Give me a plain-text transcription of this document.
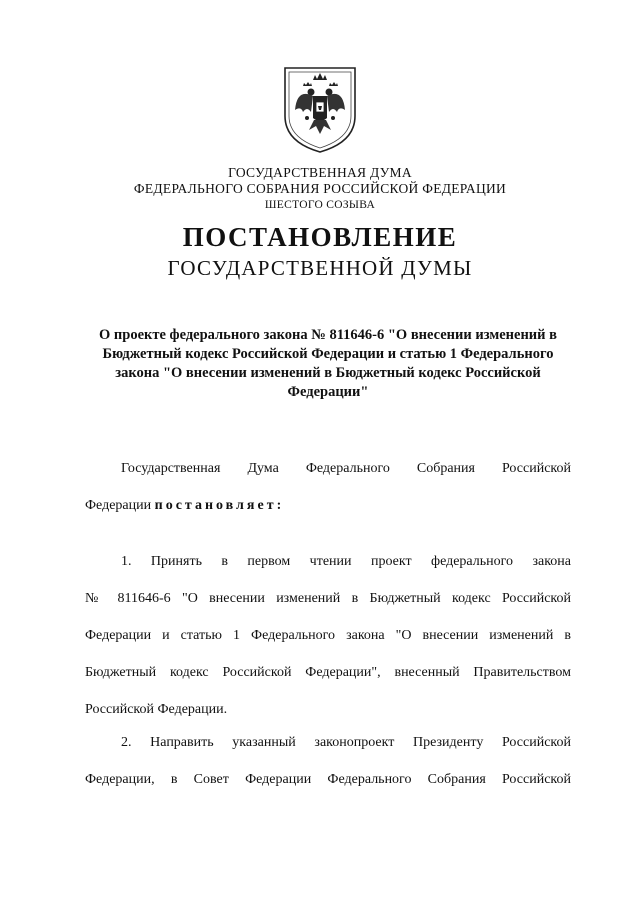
ГОСУДАРСТВЕННАЯ ДУМА
ФЕДЕРАЛЬНОГО СОБРАНИЯ РОССИЙСКОЙ ФЕДЕРАЦИИ
ШЕСТОГО СОЗЫВА
ПОСТАНОВЛЕНИЕ
ГОСУДАРСТВЕННОЙ ДУМЫ
О проекте федерального закона № 811646-6 "О внесении изменений в Бюджетный кодекс Российской Федерации и статью 1 Федерального закона "О внесении изменений в Бюджетный кодекс Российской Федерации"
Государственная Дума Федерального Собрания Российской
Федерации постановляет:
1. Принять в первом чтении проект федерального закона
№ 811646-6 "О внесении изменений в Бюджетный кодекс Российской
Федерации и статью 1 Федерального закона "О внесении изменений в
Бюджетный кодекс Российской Федерации", внесенный Правительством
Российской Федерации.
2. Направить указанный законопроект Президенту Российской
Федерации, в Совет Федерации Федерального Собрания Российской
